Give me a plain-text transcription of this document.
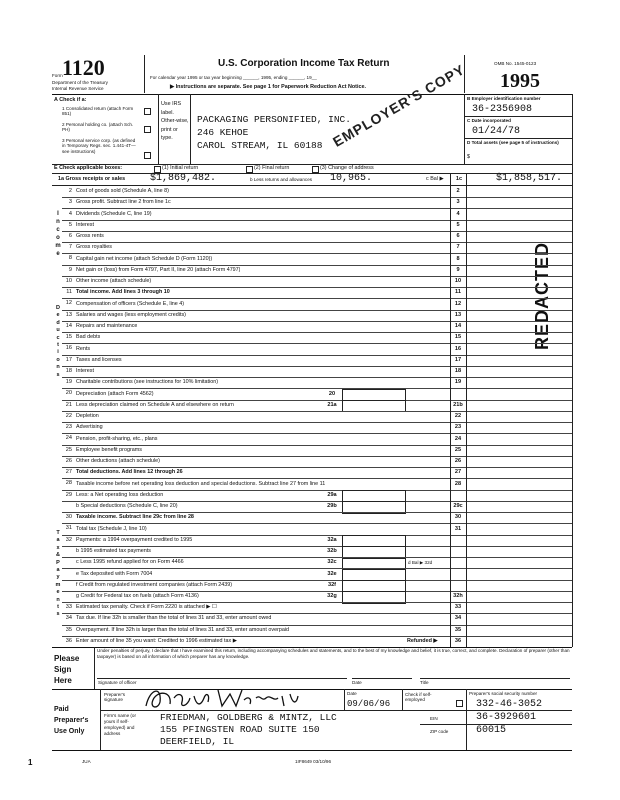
Form 1120
Department of the Treasury
Internal Revenue Service
U.S. Corporation Income Tax Return
For calendar year 1995 or tax year beginning ______, 1995, ending ______, 19__
▶ Instructions are separate. See page 1 for Paperwork Reduction Act Notice.
OMB No. 1545-0123
1995
A Check if a:
1 Consolidated return (attach Form 851)
2 Personal holding co. (attach Sch. PH)
3 Personal service corp. (as defined in Temporary Regs. sec. 1.441-4T—see instructions)
Use IRS label. Other-wise, print or type.
PACKAGING PERSONIFIED, INC.
246 KEHOE
CAROL STREAM, IL 60188 EMPLOYER'S COPY B Employer identification number
36-2356908
C Date incorporated
01/24/78
D Total assets (see page 5 of instructions)
$
E Check applicable boxes:	(1) Initial return	(2) Final return	(3) Change of address
1a Gross receipts or sales $1,869,482.	b Less returns and allowances 10,965.	c Bal ▶	1c	$1,858,517.
REDACTED
I
n
c
o
m
e
D
e
d
u
c
t
i
o
n
s
T
a
x
&
P
a
y
m
e
n
t
s
2 Cost of goods sold (Schedule A, line 8)	2
3 Gross profit. Subtract line 2 from line 1c	3
4 Dividends (Schedule C, line 19)	4
5 Interest	5
6 Gross rents	6
7 Gross royalties	7
8 Capital gain net income (attach Schedule D (Form 1120))	8
9 Net gain or (loss) from Form 4797, Part II, line 20 (attach Form 4797)	9
10 Other income (attach schedule)	10
11 Total income. Add lines 3 through 10	11
12 Compensation of officers (Schedule E, line 4)	12
13 Salaries and wages (less employment credits)	13
14 Repairs and maintenance	14
15 Bad debts	15
16 Rents	16
17 Taxes and licenses	17
18 Interest	18
19 Charitable contributions (see instructions for 10% limitation)	19
20 Depreciation (attach Form 4562)	20
21 Less depreciation claimed on Schedule A and elsewhere on return	21a	21b
22 Depletion	22
23 Advertising	23
24 Pension, profit-sharing, etc., plans	24
25 Employee benefit programs	25
26 Other deductions (attach schedule)	26
27 Total deductions. Add lines 12 through 26	27
28 Taxable income before net operating loss deduction and special deductions. Subtract line 27 from line 11	28
29 Less: a Net operating loss deduction	29a
b Special deductions (Schedule C, line 20)	29b	29c
30 Taxable income. Subtract line 29c from line 28	30
31 Total tax (Schedule J, line 10)	31
32 Payments: a 1994 overpayment credited to 1995	32a
b 1995 estimated tax payments	32b
c Less 1995 refund applied for on Form 4466	32c	d Bal ▶ 32d
e Tax deposited with Form 7004	32e
f Credit from regulated investment companies (attach Form 2439)	32f
g Credit for Federal tax on fuels (attach Form 4136)	32g	32h
33 Estimated tax penalty. Check if Form 2220 is attached ▶ ☐	33
34 Tax due. If line 32h is smaller than the total of lines 31 and 33, enter amount owed	34
35 Overpayment. If line 32h is larger than the total of lines 31 and 33, enter amount overpaid	35
36 Enter amount of line 35 you want: Credited to 1996 estimated tax ▶	Refunded ▶	36
Please
Sign
Here
Under penalties of perjury, I declare that I have examined this return, including accompanying schedules and statements, and to the best of my knowledge and belief, it is true, correct, and complete. Declaration of preparer (other than taxpayer) is based on all information of which preparer has any knowledge.
Signature of officer	Date	Title
Paid
Preparer's
Use Only
Preparer's signature
Date
09/06/96
Check if self-employed
Preparer's social security number
332-46-3052
Firm's name (or yours if self-employed) and address
FRIEDMAN, GOLDBERG & MINTZ, LLC
155 PFINGSTEN ROAD SUITE 150
DEERFIELD, IL
EIN	36-3929601
ZIP code	60015
1	JUA	1IF8649 03/10/96
